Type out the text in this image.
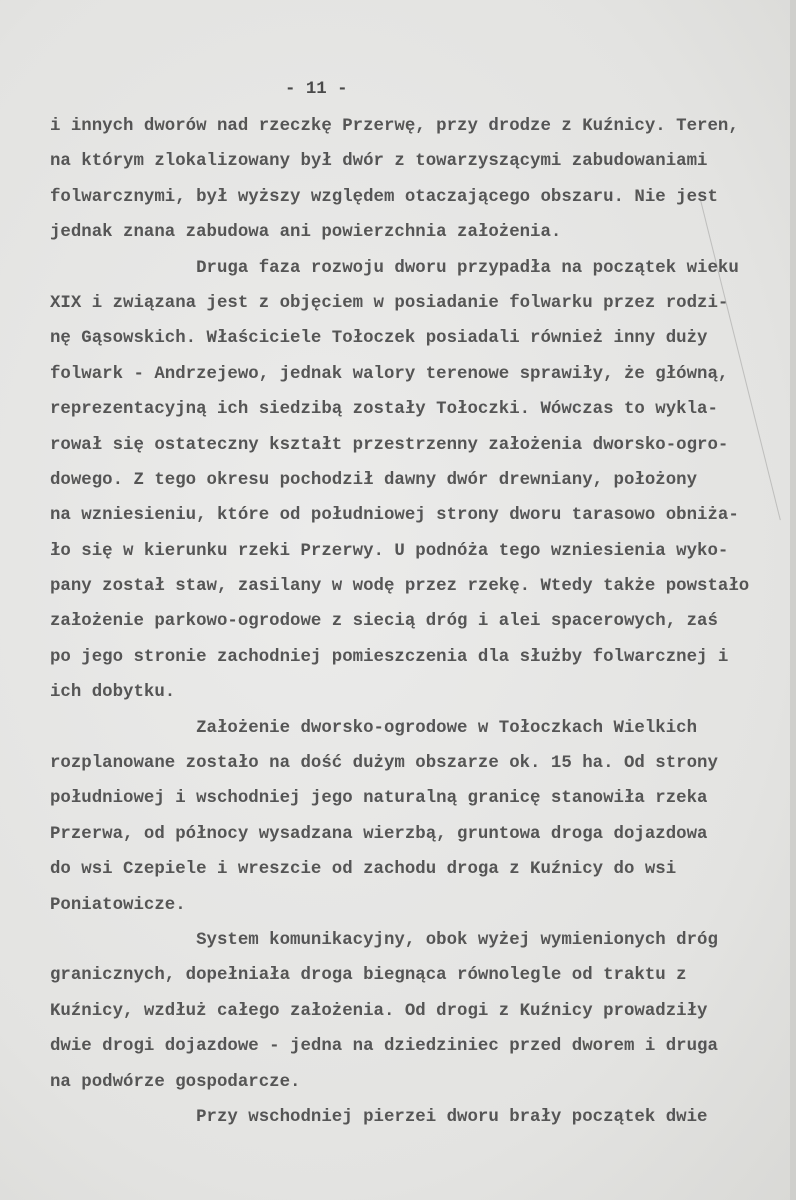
- 11 -
i innych dworów nad rzeczkę Przerwę, przy drodze z Kuźnicy. Teren,
na którym zlokalizowany był dwór z towarzyszącymi zabudowaniami
folwarcznymi, był wyższy względem otaczającego obszaru. Nie jest
jednak znana zabudowa ani powierzchnia założenia.
Druga faza rozwoju dworu przypadła na początek wieku
XIX i związana jest z objęciem w posiadanie folwarku przez rodzi-
nę Gąsowskich. Właściciele Tołoczek posiadali również inny duży
folwark - Andrzejewo, jednak walory terenowe sprawiły, że główną,
reprezentacyjną ich siedzibą zostały Tołoczki. Wówczas to wykla-
rował się ostateczny kształt przestrzenny założenia dworsko-ogro-
dowego. Z tego okresu pochodził dawny dwór drewniany, położony
na wzniesieniu, które od południowej strony dworu tarasowo obniża-
ło się w kierunku rzeki Przerwy. U podnóża tego wzniesienia wyko-
pany został staw, zasilany w wodę przez rzekę. Wtedy także powstało
założenie parkowo-ogrodowe z siecią dróg i alei spacerowych, zaś
po jego stronie zachodniej pomieszczenia dla służby folwarcznej i
ich dobytku.
Założenie dworsko-ogrodowe w Tołoczkach Wielkich
rozplanowane zostało na dość dużym obszarze ok. 15 ha. Od strony
południowej i wschodniej jego naturalną granicę stanowiła rzeka
Przerwa, od północy wysadzana wierzbą, gruntowa droga dojazdowa
do wsi Czepiele i wreszcie od zachodu droga z Kuźnicy do wsi
Poniatowicze.
System komunikacyjny, obok wyżej wymienionych dróg
granicznych, dopełniała droga biegnąca równolegle od traktu z
Kuźnicy, wzdłuż całego założenia. Od drogi z Kuźnicy prowadziły
dwie drogi dojazdowe - jedna na dziedziniec przed dworem i druga
na podwórze gospodarcze.
Przy wschodniej pierzei dworu brały początek dwie
